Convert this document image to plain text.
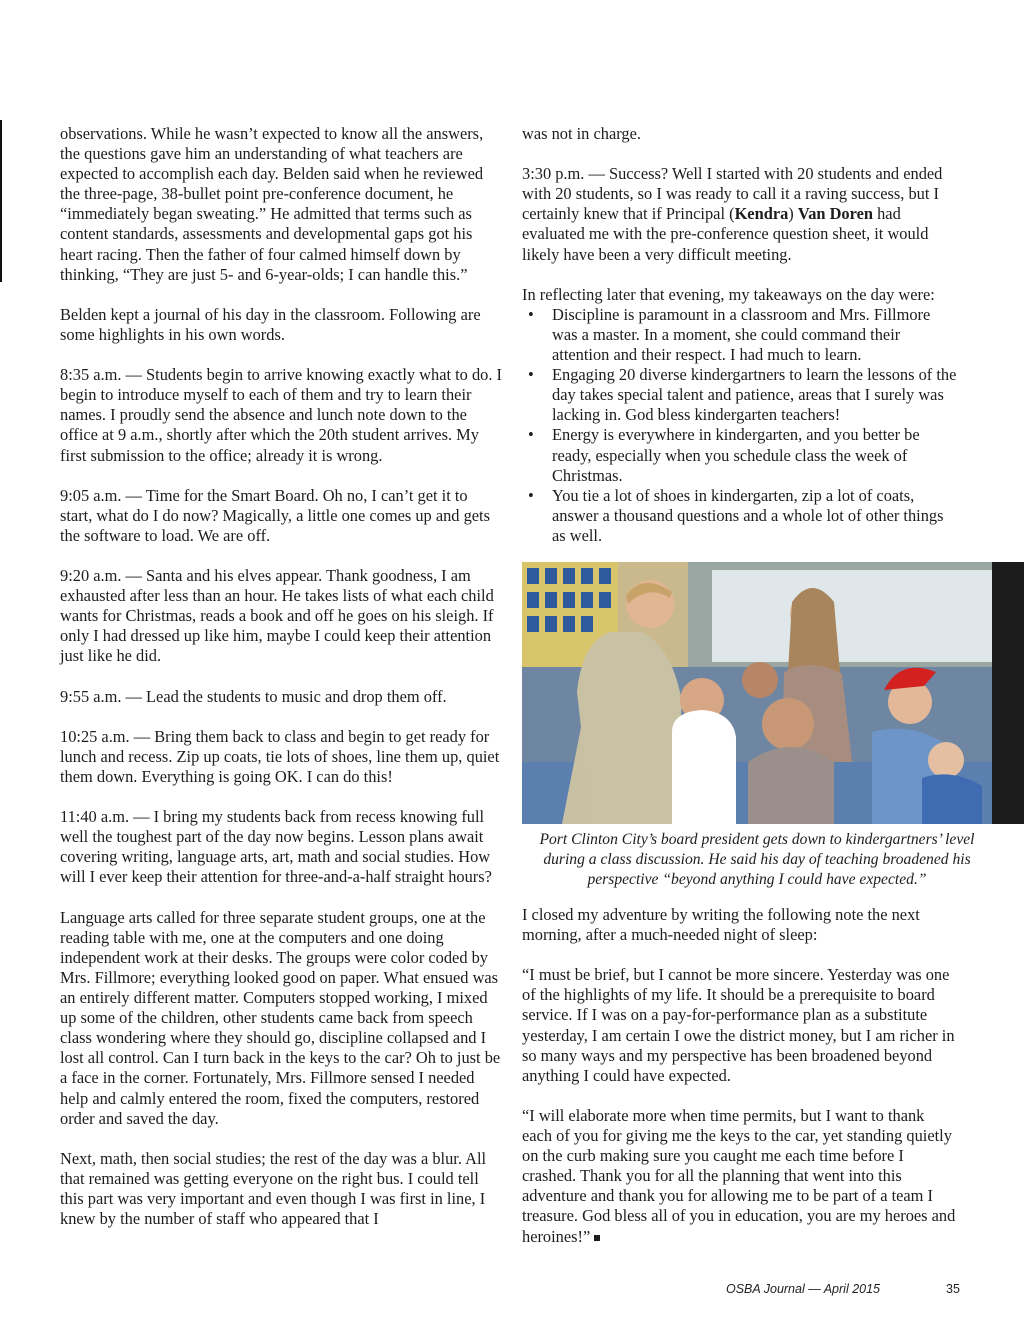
observations. While he wasn’t expected to know all the answers, the questions gave him an understanding of what teachers are expected to accomplish each day. Belden said when he reviewed the three-page, 38-bullet point pre-conference document, he “immediately began sweating.” He admitted that terms such as content standards, assessments and developmental gaps got his heart racing. Then the father of four calmed himself down by thinking, “They are just 5- and 6-year-olds; I can handle this.”

Belden kept a journal of his day in the classroom. Following are some highlights in his own words.

8:35 a.m. — Students begin to arrive knowing exactly what to do. I begin to introduce myself to each of them and try to learn their names. I proudly send the absence and lunch note down to the office at 9 a.m., shortly after which the 20th student arrives. My first submission to the office; already it is wrong.

9:05 a.m. — Time for the Smart Board. Oh no, I can’t get it to start, what do I do now? Magically, a little one comes up and gets the software to load. We are off.

9:20 a.m. — Santa and his elves appear. Thank goodness, I am exhausted after less than an hour. He takes lists of what each child wants for Christmas, reads a book and off he goes on his sleigh. If only I had dressed up like him, maybe I could keep their attention just like he did.

9:55 a.m. — Lead the students to music and drop them off.

10:25 a.m. — Bring them back to class and begin to get ready for lunch and recess. Zip up coats, tie lots of shoes, line them up, quiet them down. Everything is going OK. I can do this!

11:40 a.m. — I bring my students back from recess knowing full well the toughest part of the day now begins. Lesson plans await covering writing, language arts, art, math and social studies. How will I ever keep their attention for three-and-a-half straight hours?

Language arts called for three separate student groups, one at the reading table with me, one at the computers and one doing independent work at their desks. The groups were color coded by Mrs. Fillmore; everything looked good on paper. What ensued was an entirely different matter. Computers stopped working, I mixed up some of the children, other students came back from speech class wondering where they should go, discipline collapsed and I lost all control. Can I turn back in the keys to the car? Oh to just be a face in the corner. Fortunately, Mrs. Fillmore sensed I needed help and calmly entered the room, fixed the computers, restored order and saved the day.

Next, math, then social studies; the rest of the day was a blur. All that remained was getting everyone on the right bus. I could tell this part was very important and even though I was first in line, I knew by the number of staff who appeared that I

was not in charge.

3:30 p.m. — Success? Well I started with 20 students and ended with 20 students, so I was ready to call it a raving success, but I certainly knew that if Principal (Kendra) Van Doren had evaluated me with the pre-conference question sheet, it would likely have been a very difficult meeting.

In reflecting later that evening, my takeaways on the day were:
• Discipline is paramount in a classroom and Mrs. Fillmore was a master. In a moment, she could command their attention and their respect. I had much to learn.
• Engaging 20 diverse kindergartners to learn the lessons of the day takes special talent and patience, areas that I surely was lacking in. God bless kindergarten teachers!
• Energy is everywhere in kindergarten, and you better be ready, especially when you schedule class the week of Christmas.
• You tie a lot of shoes in kindergarten, zip a lot of coats, answer a thousand questions and a whole lot of other things as well.
Port Clinton City’s board president gets down to kindergartners’ level during a class discussion. He said his day of teaching broadened his perspective “beyond anything I could have expected.”

I closed my adventure by writing the following note the next morning, after a much-needed night of sleep:

“I must be brief, but I cannot be more sincere. Yesterday was one of the highlights of my life. It should be a prerequisite to board service. If I was on a pay-for-performance plan as a substitute yesterday, I am certain I owe the district money, but I am richer in so many ways and my perspective has been broadened beyond anything I could have expected.

“I will elaborate more when time permits, but I want to thank each of you for giving me the keys to the car, yet standing quietly on the curb making sure you caught me each time before I crashed. Thank you for all the planning that went into this adventure and thank you for allowing me to be part of a team I treasure. God bless all of you in education, you are my heroes and heroines!”

OSBA Journal — April 2015	35
